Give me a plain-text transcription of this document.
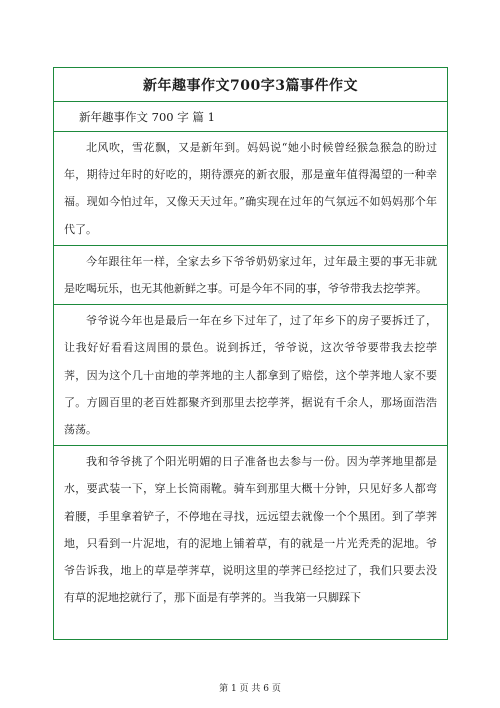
新年趣事作文700字3篇事件作文
新年趣事作文 700 字 篇 1
北风吹，雪花飘，又是新年到。妈妈说“她小时候曾经猴急猴急的盼过年，期待过年时的好吃的，期待漂亮的新衣服，那是童年值得渴望的一种幸福。现如今怕过年，又像天天过年。”确实现在过年的气氛远不如妈妈那个年代了。
今年跟往年一样，全家去乡下爷爷奶奶家过年，过年最主要的事无非就是吃喝玩乐，也无其他新鲜之事。可是今年不同的事，爷爷带我去挖荸荠。
爷爷说今年也是最后一年在乡下过年了，过了年乡下的房子要拆迁了，让我好好看看这周围的景色。说到拆迁，爷爷说，这次爷爷要带我去挖荸荠，因为这个几十亩地的荸荠地的主人都拿到了赔偿，这个荸荠地人家不要了。方圆百里的老百姓都聚齐到那里去挖荸荠，据说有千余人，那场面浩浩荡荡。
我和爷爷挑了个阳光明媚的日子准备也去参与一份。因为荸荠地里都是水，要武装一下，穿上长筒雨靴。骑车到那里大概十分钟，只见好多人都弯着腰，手里拿着铲子，不停地在寻找，远远望去就像一个个黑团。到了荸荠地，只看到一片泥地，有的泥地上铺着草，有的就是一片光秃秃的泥地。爷爷告诉我，地上的草是荸荠草，说明这里的荸荠已经挖过了，我们只要去没有草的泥地挖就行了，那下面是有荸荠的。当我第一只脚踩下
第 1 页 共 6 页
